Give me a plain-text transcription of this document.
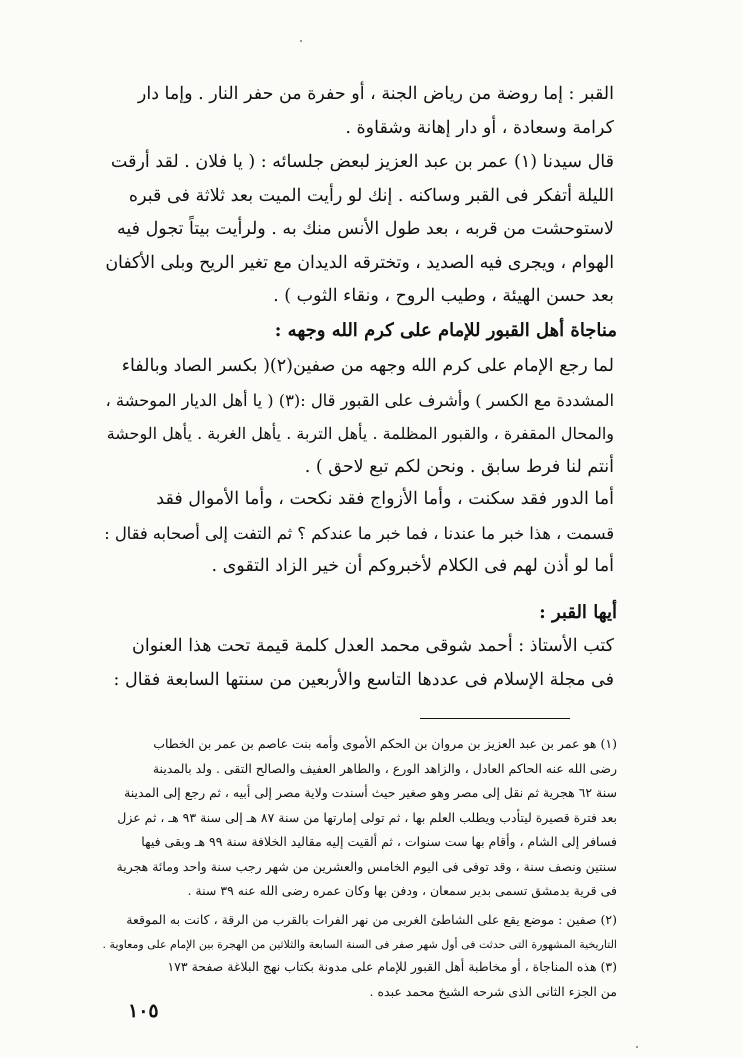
القبر : إما روضة من رياض الجنة ، أو حفرة من حفر النار . وإما دار
كرامة وسعادة ، أو دار إهانة وشقاوة .
قال سيدنا (١) عمر بن عبد العزيز لبعض جلسائه : ( يا فلان . لقد أرقت
الليلة أتفكر فى القبر وساكنه . إنك لو رأيت الميت بعد ثلاثة فى قبره
لاستوحشت من قربه ، بعد طول الأنس منك به . ولرأيت بيتاً تجول فيه
الهوام ، ويجرى فيه الصديد ، وتخترقه الديدان مع تغير الريح وبلى الأكفان
بعد حسن الهيئة ، وطيب الروح ، ونقاء الثوب ) .
مناجاة أهل القبور للإمام على كرم الله وجهه :
لما رجع الإمام على كرم الله وجهه من صفين(٢)( بكسر الصاد وبالفاء
المشددة مع الكسر ) وأشرف على القبور قال :(٣) ( يا أهل الديار الموحشة ،
والمحال المقفرة ، والقبور المظلمة . يأهل التربة . يأهل الغربة . يأهل الوحشة
أنتم لنا فرط سابق . ونحن لكم تبع لاحق ) .
أما الدور فقد سكنت ، وأما الأزواج فقد نكحت ، وأما الأموال فقد
قسمت ، هذا خبر ما عندنا ، فما خبر ما عندكم ؟ ثم التفت إلى أصحابه فقال :
أما لو أذن لهم فى الكلام لأخبروكم أن خير الزاد التقوى .
أيها القبر :
كتب الأستاذ : أحمد شوقى محمد العدل كلمة قيمة تحت هذا العنوان
فى مجلة الإسلام فى عددها التاسع والأربعين من سنتها السابعة فقال :
(١) هو عمر بن عبد العزيز بن مروان بن الحكم الأموى وأمه بنت عاصم بن عمر بن الخطاب
رضى الله عنه الحاكم العادل ، والزاهد الورع ، والطاهر العفيف والصالح التقى . ولد بالمدينة
سنة ٦٢ هجرية ثم نقل إلى مصر وهو صغير حيث أسندت ولاية مصر إلى أبيه ، ثم رجع إلى المدينة
بعد فترة قصيرة ليتأدب ويطلب العلم بها ، ثم تولى إمارتها من سنة ٨٧ هـ إلى سنة ٩٣ هـ ، ثم عزل
فسافر إلى الشام ، وأقام بها ست سنوات ، ثم ألقيت إليه مقاليد الخلافة سنة ٩٩ هـ وبقى فيها
سنتين ونصف سنة ، وقد توفى فى اليوم الخامس والعشرين من شهر رجب سنة واحد ومائة هجرية
فى قرية بدمشق تسمى بدير سمعان ، ودفن بها وكان عمره رضى الله عنه ٣٩ سنة .
(٢) صفين : موضع يقع على الشاطئ الغربى من نهر الفرات بالقرب من الرقة ، كانت به الموقعة
التاريخية المشهورة التى حدثت فى أول شهر صفر فى السنة السابعة والثلاثين من الهجرة بين الإمام على ومعاوية .
(٣) هذه المناجاة ، أو مخاطبة أهل القبور للإمام على مدونة بكتاب نهج البلاغة صفحة ١٧٣
من الجزء الثانى الذى شرحه الشيخ محمد عبده .
١٠٥
